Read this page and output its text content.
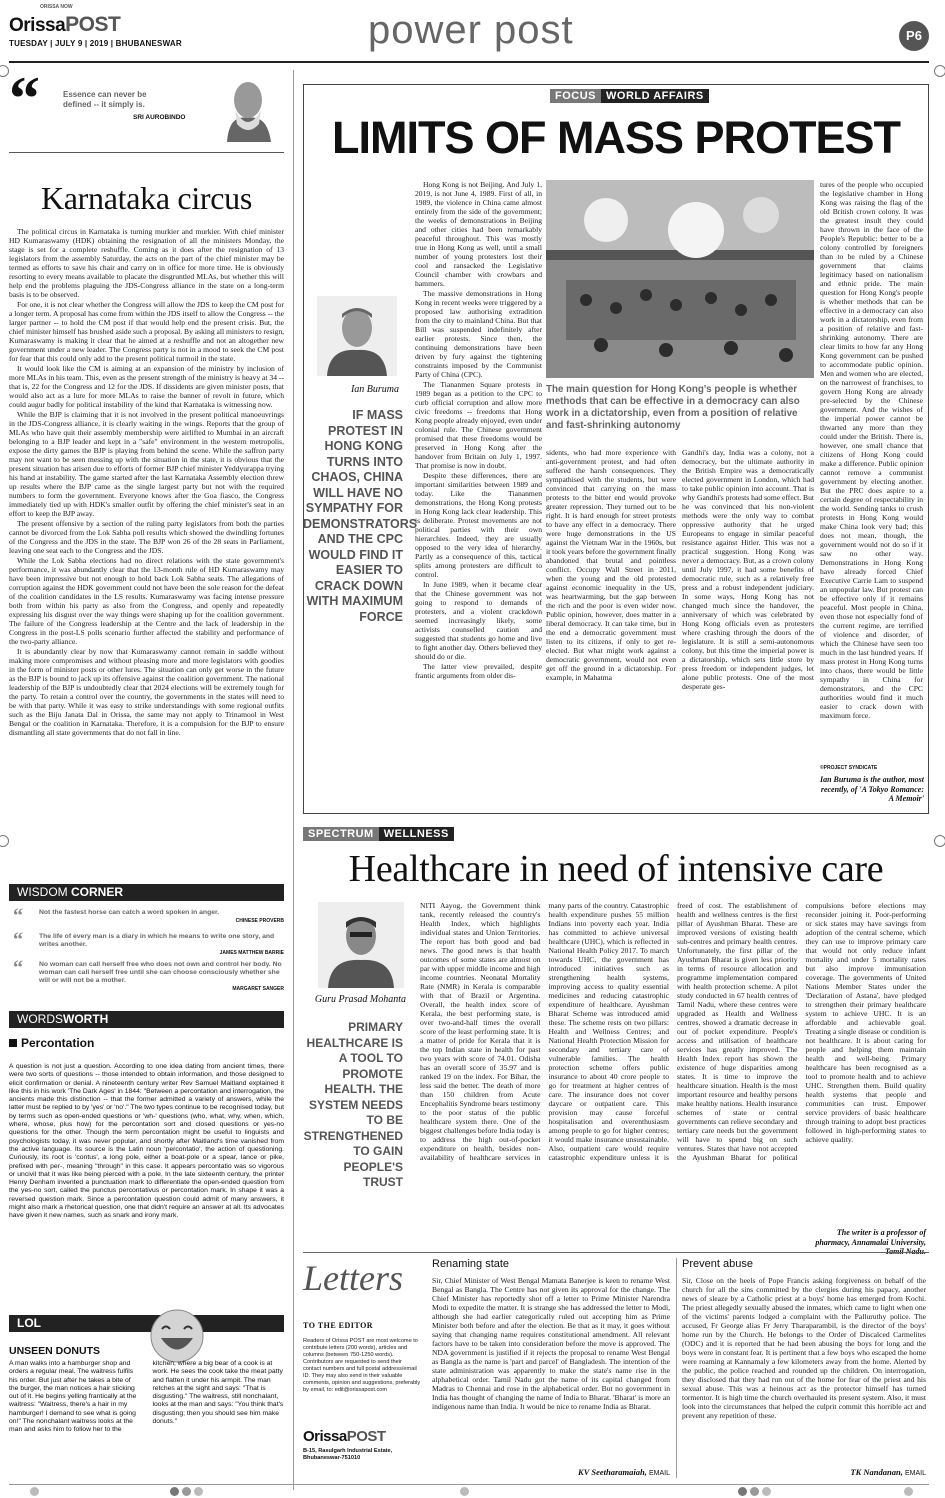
ORISSA NOW
OrissaPOST
TUESDAY | JULY 9 | 2019 | BHUBANESWAR	power post	P6
“	Essence can never be defined -- it simply is.
SRI AUROBINDO
Karnataka circus

The political circus in Karnataka is turning murkier and murkier. With chief minister HD Kumaraswamy (HDK) obtaining the resignation of all the ministers Monday, the stage is set for a complete reshuffle. Coming as it does after the resignation of 13 legislators from the assembly Saturday, the acts on the part of the chief minister may be termed as efforts to save his chair and carry on in office for more time. He is obviously resorting to every means available to placate the disgruntled MLAs, but whether this will help end the problems plaguing the JDS-Congress alliance in the state on a long-term basis is to be observed.

For one, it is not clear whether the Congress will allow the JDS to keep the CM post for a longer term. A proposal has come from within the JDS itself to allow the Congress -- the larger partner -- to hold the CM post if that would help end the present crisis. But, the chief minister himself has brushed aside such a proposal. By asking all ministers to resign, Kumaraswamy is making it clear that he aimed at a reshuffle and not an altogether new government under a new leader. The Congress party is not in a mood to seek the CM post for fear that this could only add to the present political turmoil in the state.

It would look like the CM is aiming at an expansion of the ministry by inclusion of more MLAs in his team. This, even as the present strength of the ministry is heavy at 34 -- that is, 22 for the Congress and 12 for the JDS. If dissidents are given minister posts, that would also act as a lure for more MLAs to raise the banner of revolt in future, which could augur badly for political instability of the kind that Karnataka is witnessing now.

While the BJP is claiming that it is not involved in the present political manoeuvrings in the JDS-Congress alliance, it is clearly waiting in the wings. Reports that the group of MLAs who have quit their assembly membership were airlifted to Mumbai in an aircraft belonging to a BJP leader and kept in a "safe" environment in the western metropolis, expose the dirty games the BJP is playing from behind the scene. While the saffron party may not want to be seen messing up with the situation in the state, it is obvious that the present situation has arisen due to efforts of former BJP chief minister Yeddyurappa trying his hand at instability. The game started after the last Karnataka Assembly election threw up results where the BJP came as the single largest party but not with the required numbers to form the government. Everyone knows after the Goa fiasco, the Congress immediately tied up with HDK's smaller outfit by offering the chief minister's seat in an effort to keep the BJP away.

The present offensive by a section of the ruling party legislators from both the parties cannot be divorced from the Lok Sabha poll results which showed the dwindling fortunes of the Congress and the JDS in the state. The BJP won 26 of the 28 seats in Parliament, leaving one seat each to the Congress and the JDS.

While the Lok Sabha elections had no direct relations with the state government's performance, it was abundantly clear that the 13-month rule of HD Kumaraswamy may have been impressive but not enough to hold back Lok Sabha seats. The allegations of corruption against the HDK government could not have been the sole reason for the defeat of the coalition candidates in the LS results. Kumaraswamy was facing intense pressure both from within his party as also from the Congress, and openly and repeatedly expressing his disgust over the way things were shaping up for the coalition government. The failure of the Congress leadership at the Centre and the lack of leadership in the Congress in the post-LS polls scenario further affected the stability and performance of the two-party alliance.

It is abundantly clear by now that Kumaraswamy cannot remain in saddle without making more compromises and without pleasing more and more legislators with goodies in the form of minister posts or other lures. The situation can only get worse in the future as the BJP is bound to jack up its offensive against the coalition government. The national leadership of the BJP is undoubtedly clear that 2024 elections will be extremely tough for the party. To retain a control over the country, the governments in the states will need to be with that party. While it was easy to strike understandings with some regional outfits such as the Biju Janata Dal in Orissa, the same may not apply to Trinamool in West Bengal or the coalition in Karnataka. Therefore, it is a compulsion for the BJP to ensure dismantling all state governments that do not fall in line.

WISDOM CORNER
“ Not the fastest horse can catch a word spoken in anger.
CHINESE PROVERB
“ The life of every man is a diary in which he means to write one story, and writes another.
JAMES MATTHEW BARRIE
“ No woman can call herself free who does not own and control her body. No woman can call herself free until she can choose consciously whether she will or will not be a mother.
MARGARET SANGER
WORDSWORTH
Percontation
A question is not just a question. According to one idea dating from ancient times, there were two sorts of questions -- those intended to obtain information, and those designed to elicit confirmation or denial. A nineteenth century writer Rev Samuel Maitland explained it like this in his work 'The Dark Ages' in 1844: "Between a percontation and interrogation, the ancients made this distinction -- that the former admitted a variety of answers, while the latter must be replied to by 'yes' or 'no'." The two types continue to be recognised today, but by terms such as open-ended questions or 'wh-' questions (who, what, why, when, which, where, whose, plus how) for the percontation sort and closed questions or yes-no questions for the other. Though the term percontation might be useful to linguists and psychologists today, it was never popular, and shortly after Maitland's time vanished from the active language. Its source is the Latin noun 'percontatio', the action of questioning. Curiously, its root is 'contus', a long pole, either a boat-pole or a spear, lance or pike, prefixed with per-, meaning "through" in this case. It appears percontatio was so vigorous or uncivil that it was like being pierced with a pole. In the late sixteenth century, the printer Henry Denham invented a punctuation mark to differentiate the open-ended question from the yes-no sort, called the punctus percontativus or percontation mark. In shape it was a reversed question mark. Since a percontation question could admit of many answers, it might also mark a rhetorical question, one that didn't require an answer at all. Its advocates have given it new names, such as snark and irony mark.
LOL
UNSEEN DONUTS
A man walks into a hamburger shop and orders a regular meal. The waitress fulfils his order. But just after he takes a bite of the burger, the man notices a hair sticking out of it. He begins yelling frantically at the waitress: "Waitress, there's a hair in my hamburger! I demand to see what is going on!" The nonchalant waitress looks at the man and asks him to follow her to the kitchen, where a big bear of a cook is at work. He sees the cook take the meat patty and flatten it under his armpit. The man retches at the sight and says: "That is disgusting." The waitress, still nonchalant, looks at the man and says: "You think that's disgusting; then you should see him make donuts."
FOCUS WORLD AFFAIRS
LIMITS OF MASS PROTEST
Ian Buruma
IF MASS PROTEST IN HONG KONG TURNS INTO CHAOS, CHINA WILL HAVE NO SYMPATHY FOR DEMONSTRATORS AND THE CPC WOULD FIND IT EASIER TO CRACK DOWN WITH MAXIMUM FORCE

Hong Kong is not Beijing. And July 1, 2019, is not June 4, 1989. First of all, in 1989, the violence in China came almost entirely from the side of the government; the weeks of demonstrations in Beijing and other cities had been remarkably peaceful throughout. This was mostly true in Hong Kong as well, until a small number of young protesters lost their cool and ransacked the Legislative Council chamber with crowbars and hammers.

The massive demonstrations in Hong Kong in recent weeks were triggered by a proposed law authorising extradition from the city to mainland China. But that Bill was suspended indefinitely after earlier protests. Since then, the continuing demonstrations have been driven by fury against the tightening constraints imposed by the Communist Party of China (CPC).

The Tiananmen Square protests in 1989 began as a petition to the CPC to curb official corruption and allow more civic freedoms -- freedoms that Hong Kong people already enjoyed, even under colonial rule. The Chinese government promised that these freedoms would be preserved in Hong Kong after the handover from Britain on July 1, 1997. That promise is now in doubt.

Despite these differences, there are important similarities between 1989 and today. Like the Tiananmen demonstrations, the Hong Kong protests in Hong Kong lack clear leadership. This is deliberate. Protest movements are not political parties with their own hierarchies. Indeed, they are usually opposed to the very idea of hierarchy. Partly as a consequence of this, tactical splits among protesters are difficult to control.

In June 1989, when it became clear that the Chinese government was not going to respond to demands of protesters, and a violent crackdown seemed increasingly likely, some activists counselled caution and suggested that students go home and live to fight another day. Others believed they should do or die.

The latter view prevailed, despite frantic arguments from older dis-

The main question for Hong Kong's people is whether methods that can be effective in a democracy can also work in a dictatorship, even from a position of relative and fast-shrinking autonomy
sidents, who had more experience with anti-government protest, and had often suffered the harsh consequences. They sympathised with the students, but were convinced that carrying on the mass protests to the bitter end would provoke greater repression. They turned out to be right. It is hard enough for street protests to have any effect in a democracy. There were huge demonstrations in the US against the Vietnam War in the 1960s, but it took years before the government finally abandoned that brutal and pointless conflict. Occupy Wall Street in 2011, when the young and the old protested against economic inequality in the US, was heartwarming, but the gap between the rich and the poor is even wider now. Public opinion, however, does matter in a liberal democracy. It can take time, but in the end a democratic government must listen to its citizens, if only to get re-elected. But what might work against a democratic government, would not even get off the ground in a dictatorship. For example, in Mahatma
Gandhi's day, India was a colony, not a democracy, but the ultimate authority in the British Empire was a democratically elected government in London, which had to take public opinion into account. That is why Gandhi's protests had some effect. But he was convinced that his non-violent methods were the only way to combat oppressive authority that he urged Europeans to engage in similar peaceful resistance against Hitler. This was not a practical suggestion. Hong Kong was never a democracy. But, as a crown colony until July 1997, it had some benefits of democratic rule, such as a relatively free press and a robust independent judiciary. In some ways, Hong Kong has not changed much since the handover, the anniversary of which was celebrated by Hong Kong officials even as protesters where crashing through the doors of the legislature. It is still a semi-autonomous colony, but this time the imperial power is a dictatorship, which sets little store by press freedom or independent judges, let alone public protests. One of the most desperate ges-
tures of the people who occupied the legislative chamber in Hong Kong was raising the flag of the old British crown colony. It was the greatest insult they could have thrown in the face of the People's Republic: better to be a colony controlled by foreigners than to be ruled by a Chinese government that claims legitimacy based on nationalism and ethnic pride. The main question for Hong Kong's people is whether methods that can be effective in a democracy can also work in a dictatorship, even from a position of relative and fast-shrinking autonomy. There are clear limits to how far any Hong Kong government can be pushed to accommodate public opinion. Men and women who are elected, on the narrowest of franchises, to govern Hong Kong are already pre-selected by the Chinese government. And the wishes of the imperial power cannot be thwarted any more than they could under the British. There is, however, one small chance that citizens of Hong Kong could make a difference. Public opinion cannot remove a communist government by electing another. But the PRC does aspire to a certain degree of respectability in the world. Sending tanks to crush protests in Hong Kong would make China look very bad; this does not mean, though, the government would not do so if it saw no other way. Demonstrations in Hong Kong have already forced Chief Executive Carrie Lam to suspend an unpopular law. But protest can be effective only if it remains peaceful. Most people in China, even those not especially fond of the current regime, are terrified of violence and disorder, of which the Chinese have seen too much in the last hundred years. If mass protest in Hong Kong turns into chaos, there would be little sympathy in China for demonstrators, and the CPC authorities would find it much easier to crack down with maximum force.
©PROJECT SYNDICATE
Ian Buruma is the author, most recently, of 'A Tokyo Romance: A Memoir'
SPECTRUM WELLNESS
Healthcare in need of intensive care
Guru Prasad Mohanta
PRIMARY HEALTHCARE IS A TOOL TO PROMOTE HEALTH. THE SYSTEM NEEDS TO BE STRENGTHENED TO GAIN PEOPLE'S TRUST
NITI Aayog, the Government think tank, recently released the country's Health Index, which highlights individual states and Union Territories. The report has both good and bad news. The good news is that health outcomes of some states are almost on par with upper middle income and high income countries. Neonatal Mortality Rate (NMR) in Kerala is comparable with that of Brazil or Argentina. Overall, the health index score of Kerala, the best performing state, is over two-and-half times the overall score of the least performing state. It is a matter of pride for Kerala that it is the top Indian state in health for past two years with score of 74.01. Odisha has an overall score of 35.97 and is ranked 19 on the index. For Bihar, the less said the better. The death of more than 150 children from Acute Encephalitis Syndrome bears testimony to the poor status of the public healthcare system there. One of the biggest challenges before India today is to address the high out-of-pocket expenditure on health, besides non-availability of healthcare services in many parts of the country. Catastrophic health expenditure pushes 55 million Indians into poverty each year. India has committed to achieve universal healthcare (UHC), which is reflected in National Health Policy 2017. To march towards UHC, the government has introduced initiatives such as strengthening health systems, improving access to quality essential medicines and reducing catastrophic expenditure of healthcare. Ayushman Bharat Scheme was introduced amid these. The scheme rests on two pillars: Health and Wellness Centres; and National Health Protection Mission for secondary and tertiary care of vulnerable families. The health protection scheme offers public insurance to about 40 crore people to go for treatment at higher centres of care. The insurance does not cover daycare or outpatient care. This provision may cause forceful hospitalisation and overenthusiasm among people to go for higher centres; it would make insurance unsustainable. Also, outpatient care would require catastrophic expenditure unless it is freed of cost. The establishment of health and wellness centres is the first pillar of Ayushman Bharat. These are improved versions of existing health sub-centres and primary health centres. Unfortunately, the first pillar of the Ayushman Bharat is given less priority in terms of resource allocation and programme implementation compared with health protection scheme. A pilot study conducted in 67 health centres of Tamil Nadu, where these centres were upgraded as Health and Wellness centres, showed a dramatic decrease in out of pocket expenditure. People's access and utilisation of healthcare services has greatly improved. The Health Index report has shown the existence of huge disparities among states. It is time to improve the healthcare situation. Health is the most important resource and healthy persons make healthy nations. Health insurance schemes of state or central governments can relieve secondary and tertiary care needs but the government will have to spend big on such ventures. States that have not accepted the Ayushman Bharat for political compulsions before elections may reconsider joining it. Poor-performing or sick states may have savings from adoption of the central scheme, which they can use to improve primary care that would not only reduce infant mortality and under 5 mortality rates but also improve immunisation coverage. The governments of United Nations Member States under the 'Declaration of Astana', have pledged to strengthen their primary healthcare system to achieve UHC. It is an affordable and achievable goal. Treating a single disease or condition is not healthcare. It is about caring for people and helping them maintain health and well-being. Primary healthcare has been recognised as a tool to promote health and to achieve UHC. Strengthen them. Build quality health systems that people and communities can trust. Empower service providers of basic healthcare through training to adopt best practices followed in high-performing states to achieve quality.
The writer is a professor of pharmacy, Annamalai University,
Letters
TO THE EDITOR
Readers of Orissa POST are most welcome to contribute letters (200 words), articles and columns (between 750-1250 words). Contributors are requested to send their contact numbers and full postal address/email ID. They may also send in their valuable comments, opinion and suggestions, preferably by email, to: edit@orissapost.com
OrissaPOST
B-15, Rasulgarh Industrial Estate, Bhubaneswar-751010
Renaming state
Sir, Chief Minister of West Bengal Mamata Banerjee is keen to rename West Bengal as Bangla. The Centre has not given its approval for the change. The Chief Minister has reportedly shot off a letter to Prime Minister Narendra Modi to expedite the matter. It is strange she has addressed the letter to Modi, although she had earlier categorically ruled out accepting him as Prime Minister both before and after the election. Be that as it may, it goes without saying that changing name requires constitutional amendment. All relevant factors have to be taken into consideration before the move is approved. The NDA government is justified if it rejects the proposal to rename West Bengal as Bangla as the name is 'part and parcel' of Bangladesh. The intention of the state administration was apparently to make the state's name rise in the alphabetical order. Tamil Nadu got the name of its capital changed from Madras to Chennai and rose in the alphabetical order. But no government in India has thought of changing the name of India to Bharat. 'Bharat' is more an indigenous name than India. It would be nice to rename India as Bharat.
KV Seetharamaiah, EMAIL
Prevent abuse
Sir, Close on the heels of Pope Francis asking forgiveness on behalf of the church for all the sins committed by the clergies during his papacy, another news of sleaze by a Catholic priest at a boys' home has emerged from Kochi. The priest allegedly sexually abused the inmates, which came to light when one of the victims' parents lodged a complaint with the Palluruthy police. The accused, Fr George alias Fr Jerry Tharaparambil, is the director of the boys' home run by the Church. He belongs to the Order of Discalced Carmelites (ODC) and it is reported that he had been abusing the boys for long and the boys were in constant fear. It is pertinent that a few boys who escaped the home were roaming at Kannamaly a few kilometers away from the home. Alerted by the public, the police reached and rounded up the children. On interrogation, they disclosed that they had run out of the home for fear of the priest and his sexual abuse. This was a heinous act as the protector himself has turned tormentor. It is high time the church overhauled its present system. Also, it must look into the circumstances that helped the culprit commit this horrible act and prevent any repetition of these.
TK Nandanan, EMAIL
